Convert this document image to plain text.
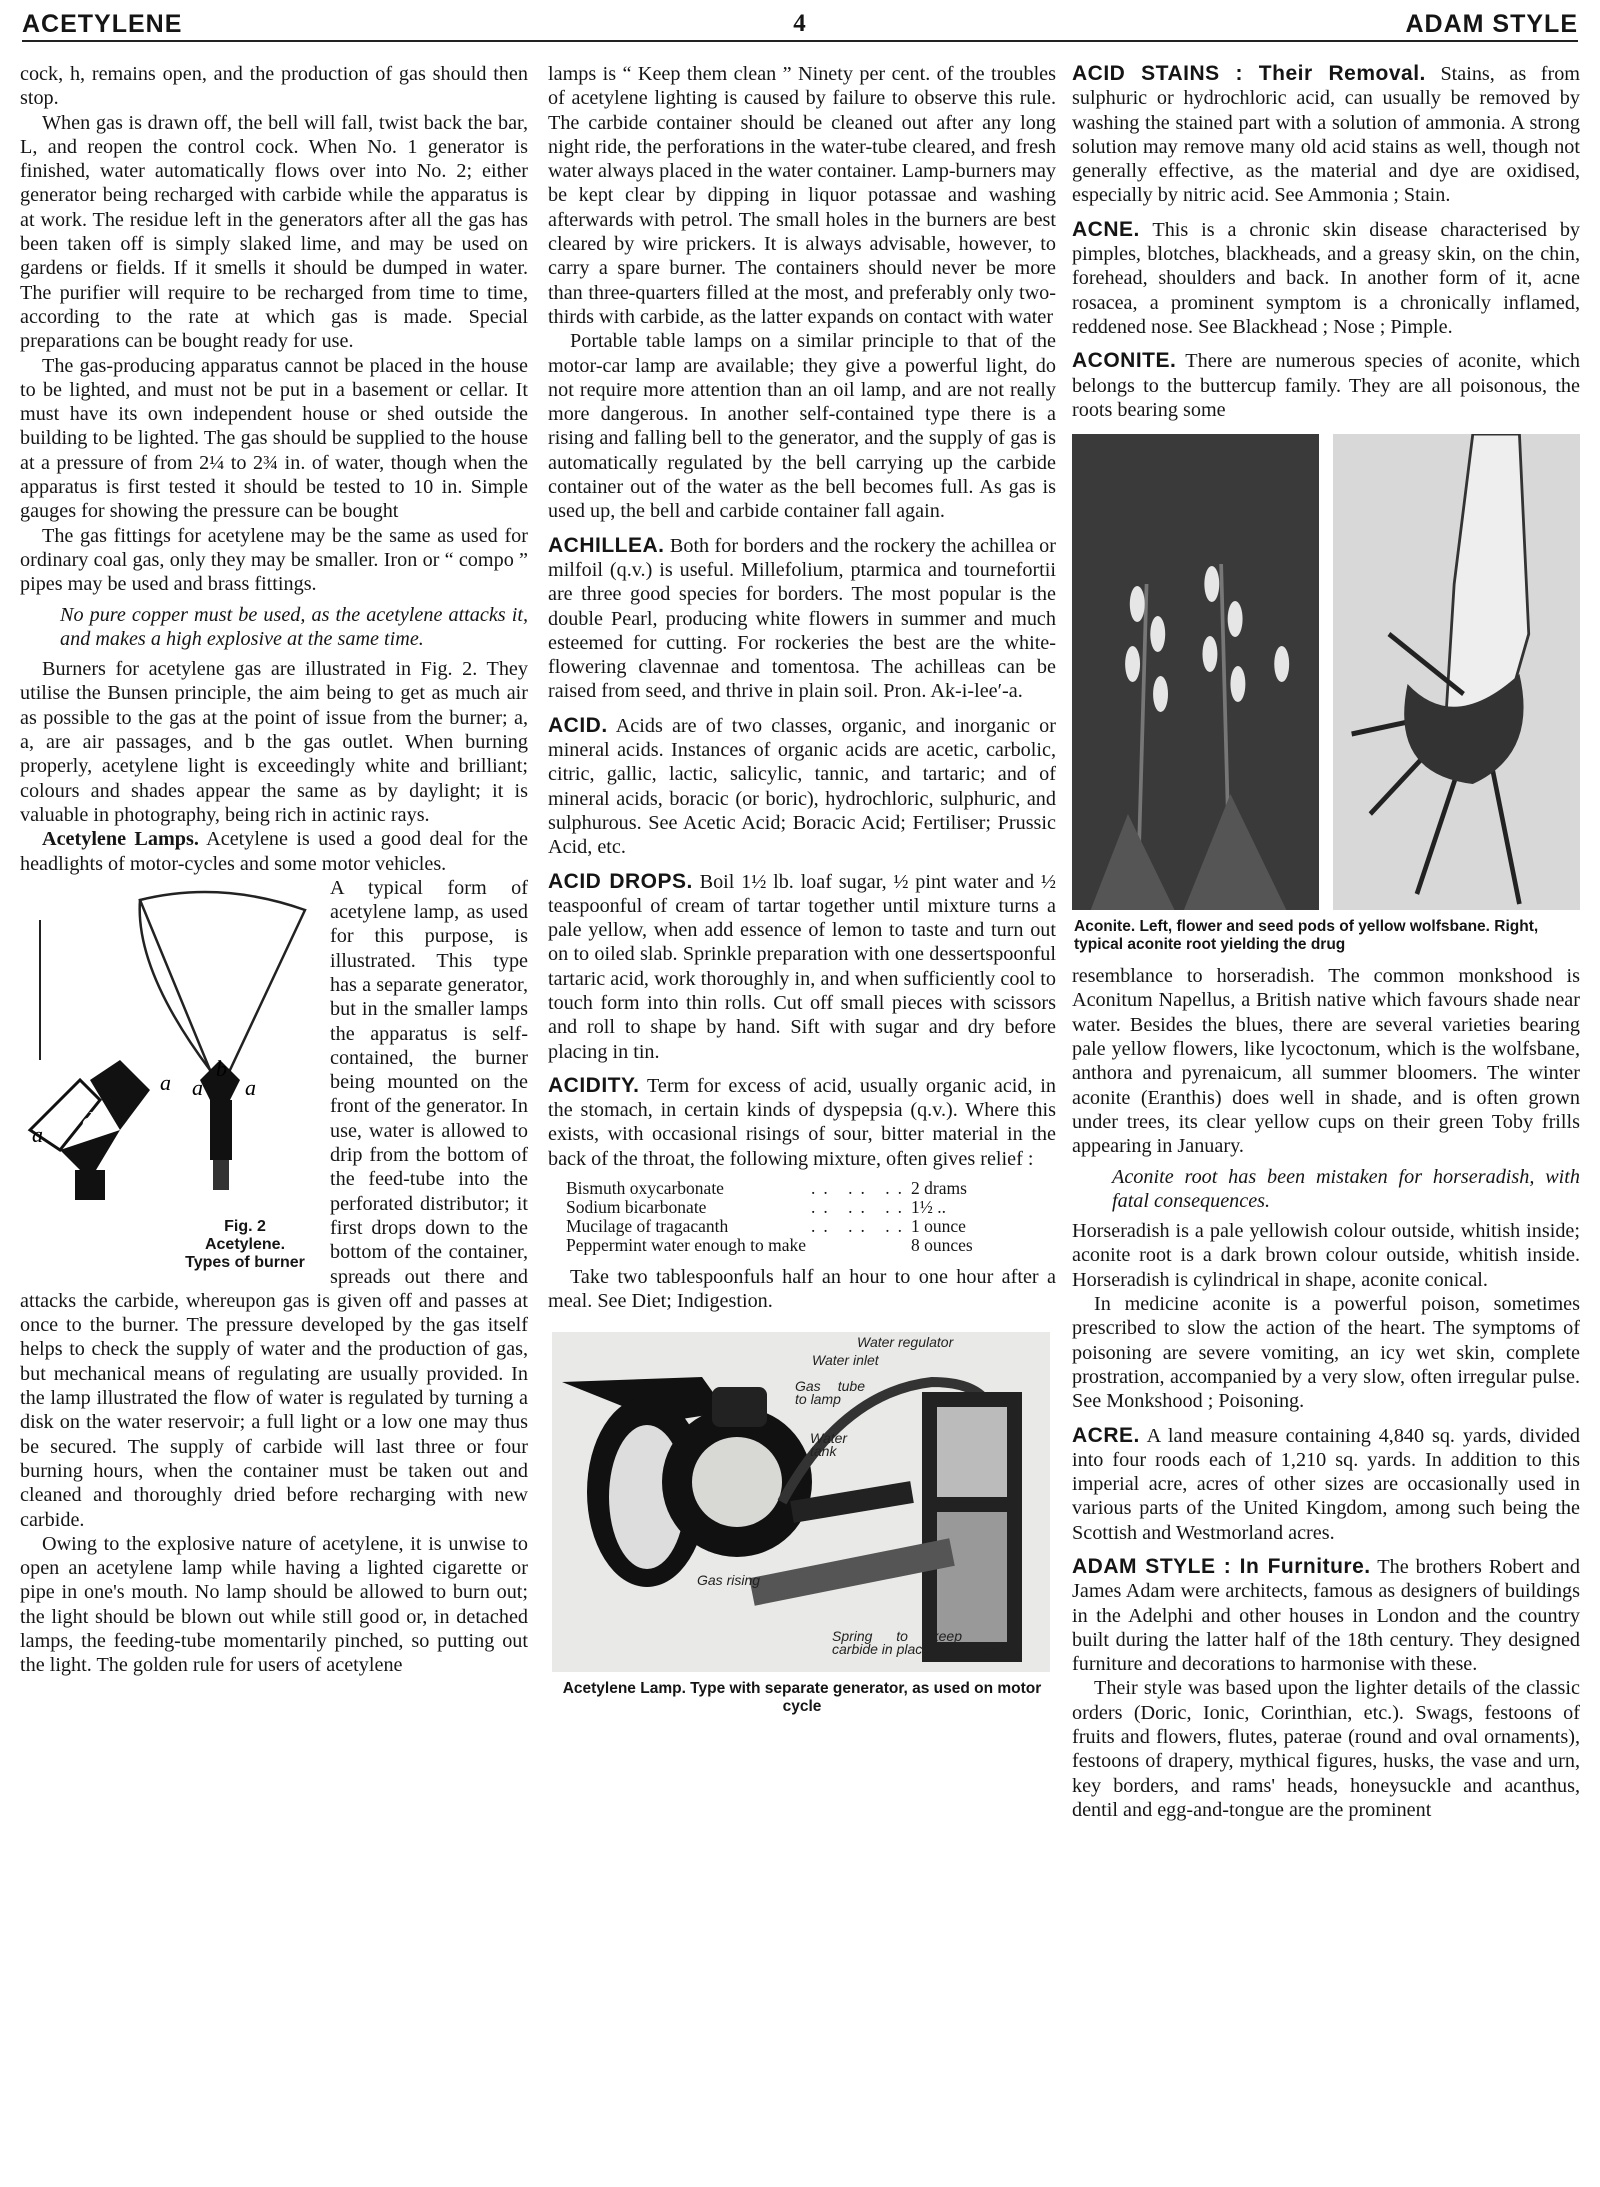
ACETYLENE	4	ADAM STYLE

cock, h, remains open, and the production of gas should then stop.

When gas is drawn off, the bell will fall, twist back the bar, L, and reopen the control cock. When No. 1 generator is finished, water automatically flows over into No. 2; either generator being recharged with carbide while the apparatus is at work. The residue left in the generators after all the gas has been taken off is simply slaked lime, and may be used on gardens or fields. If it smells it should be dumped in water. The purifier will require to be recharged from time to time, according to the rate at which gas is made. Special preparations can be bought ready for use.

The gas-producing apparatus cannot be placed in the house to be lighted, and must not be put in a basement or cellar. It must have its own independent house or shed outside the building to be lighted. The gas should be supplied to the house at a pressure of from 2¼ to 2¾ in. of water, though when the apparatus is first tested it should be tested to 10 in. Simple gauges for showing the pressure can be bought

The gas fittings for acetylene may be the same as used for ordinary coal gas, only they may be smaller. Iron or “ compo ” pipes may be used and brass fittings.

No pure copper must be used, as the acetylene attacks it, and makes a high explosive at the same time.

Burners for acetylene gas are illustrated in Fig. 2. They utilise the Bunsen principle, the aim being to get as much air as possible to the gas at the point of issue from the burner; a, a, are air passages, and b the gas outlet. When burning properly, acetylene light is exceedingly white and brilliant; colours and shades appear the same as by daylight; it is valuable in photography, being rich in actinic rays.

Acetylene Lamps. Acetylene is used a good deal for the headlights of motor-cycles and some motor vehicles.

a
d
a a
b
a
Fig. 2
Acetylene.
Types of burner

A typical form of acetylene lamp, as used for this purpose, is illustrated. This type has a separate generator, but in the smaller lamps the apparatus is self-contained, the burner being mounted on the front of the generator. In use, water is allowed to drip from the bottom of the feed-tube into the perforated distributor; it first drops down to the bottom of the container, spreads out there and attacks the carbide, whereupon gas is given off and passes at once to the burner. The pressure developed by the gas itself helps to check the supply of water and the production of gas, but mechanical means of regulating are usually provided. In the lamp illustrated the flow of water is regulated by turning a disk on the water reservoir; a full light or a low one may thus be secured. The supply of carbide will last three or four burning hours, when the container must be taken out and cleaned and thoroughly dried before recharging with new carbide.

Owing to the explosive nature of acetylene, it is unwise to open an acetylene lamp while having a lighted cigarette or pipe in one's mouth. No lamp should be allowed to burn out; the light should be blown out while still good or, in detached lamps, the feeding-tube momentarily pinched, so putting out the light. The golden rule for users of acetylene

lamps is “ Keep them clean ” Ninety per cent. of the troubles of acetylene lighting is caused by failure to observe this rule. The carbide container should be cleaned out after any long night ride, the perforations in the water-tube cleared, and fresh water always placed in the water container. Lamp-burners may be kept clear by dipping in liquor potassae and washing afterwards with petrol. The small holes in the burners are best cleared by wire prickers. It is always advisable, however, to carry a spare burner. The containers should never be more than three-quarters filled at the most, and preferably only two-thirds with carbide, as the latter expands on contact with water

Portable table lamps on a similar principle to that of the motor-car lamp are available; they give a powerful light, do not require more attention than an oil lamp, and are not really more dangerous. In another self-contained type there is a rising and falling bell to the generator, and the supply of gas is automatically regulated by the bell carrying up the carbide container out of the water as the bell becomes full. As gas is used up, the bell and carbide container fall again.

ACHILLEA. Both for borders and the rockery the achillea or milfoil (q.v.) is useful. Millefolium, ptarmica and tournefortii are three good species for borders. The most popular is the double Pearl, producing white flowers in summer and much esteemed for cutting. For rockeries the best are the white-flowering clavennae and tomentosa. The achilleas can be raised from seed, and thrive in plain soil. Pron. Ak-i-lee′-a.

ACID. Acids are of two classes, organic, and inorganic or mineral acids. Instances of organic acids are acetic, carbolic, citric, gallic, lactic, salicylic, tannic, and tartaric; and of mineral acids, boracic (or boric), hydrochloric, sulphuric, and sulphurous. See Acetic Acid; Boracic Acid; Fertiliser; Prussic Acid, etc.

ACID DROPS. Boil 1½ lb. loaf sugar, ½ pint water and ½ teaspoonful of cream of tartar together until mixture turns a pale yellow, when add essence of lemon to taste and turn out on to oiled slab. Sprinkle preparation with one dessertspoonful tartaric acid, work thoroughly in, and when sufficiently cool to touch form into thin rolls. Cut off small pieces with scissors and roll to shape by hand. Sift with sugar and dry before placing in tin.

ACIDITY. Term for excess of acid, usually organic acid, in the stomach, in certain kinds of dyspepsia (q.v.). Where this exists, with occasional risings of sour, bitter material in the back of the throat, the following mixture, often gives relief :

Bismuth oxycarbonate	.. .. .. 2 drams
Sodium bicarbonate	.. .. .. 1½ ..
Mucilage of tragacanth	.. .. .. 1 ounce
Peppermint water enough to make	8 ounces

Take two tablespoonfuls half an hour to one hour after a meal. See Diet; Indigestion.

Water regulator
Water inlet
Gas tube to lamp
Water tank
Gas rising
Spring to keep carbide in place	Carbide
Acetylene Lamp. Type with separate generator, as used on motor cycle

ACID STAINS : Their Removal. Stains, as from sulphuric or hydrochloric acid, can usually be removed by washing the stained part with a solution of ammonia. A strong solution may remove many old acid stains as well, though not generally effective, as the material and dye are oxidised, especially by nitric acid. See Ammonia ; Stain.

ACNE. This is a chronic skin disease characterised by pimples, blotches, blackheads, and a greasy skin, on the chin, forehead, shoulders and back. In another form of it, acne rosacea, a prominent symptom is a chronically inflamed, reddened nose. See Blackhead ; Nose ; Pimple.

ACONITE. There are numerous species of aconite, which belongs to the buttercup family. They are all poisonous, the roots bearing some

Aconite. Left, flower and seed pods of yellow wolfsbane. Right, typical aconite root yielding the drug

resemblance to horseradish. The common monkshood is Aconitum Napellus, a British native which favours shade near water. Besides the blues, there are several varieties bearing pale yellow flowers, like lycoctonum, which is the wolfsbane, anthora and pyrenaicum, all summer bloomers. The winter aconite (Eranthis) does well in shade, and is often grown under trees, its clear yellow cups on their green Toby frills appearing in January.

Aconite root has been mistaken for horseradish, with fatal consequences.

Horseradish is a pale yellowish colour outside, whitish inside; aconite root is a dark brown colour outside, whitish inside. Horseradish is cylindrical in shape, aconite conical.

In medicine aconite is a powerful poison, sometimes prescribed to slow the action of the heart. The symptoms of poisoning are severe vomiting, an icy wet skin, complete prostration, accompanied by a very slow, often irregular pulse. See Monkshood ; Poisoning.

ACRE. A land measure containing 4,840 sq. yards, divided into four roods each of 1,210 sq. yards. In addition to this imperial acre, acres of other sizes are occasionally used in various parts of the United Kingdom, among such being the Scottish and Westmorland acres.

ADAM STYLE : In Furniture. The brothers Robert and James Adam were architects, famous as designers of buildings in the Adelphi and other houses in London and the country built during the latter half of the 18th century. They designed furniture and decorations to harmonise with these.

Their style was based upon the lighter details of the classic orders (Doric, Ionic, Corinthian, etc.). Swags, festoons of fruits and flowers, flutes, paterae (round and oval ornaments), festoons of drapery, mythical figures, husks, the vase and urn, key borders, and rams' heads, honeysuckle and acanthus, dentil and egg-and-tongue are the prominent
